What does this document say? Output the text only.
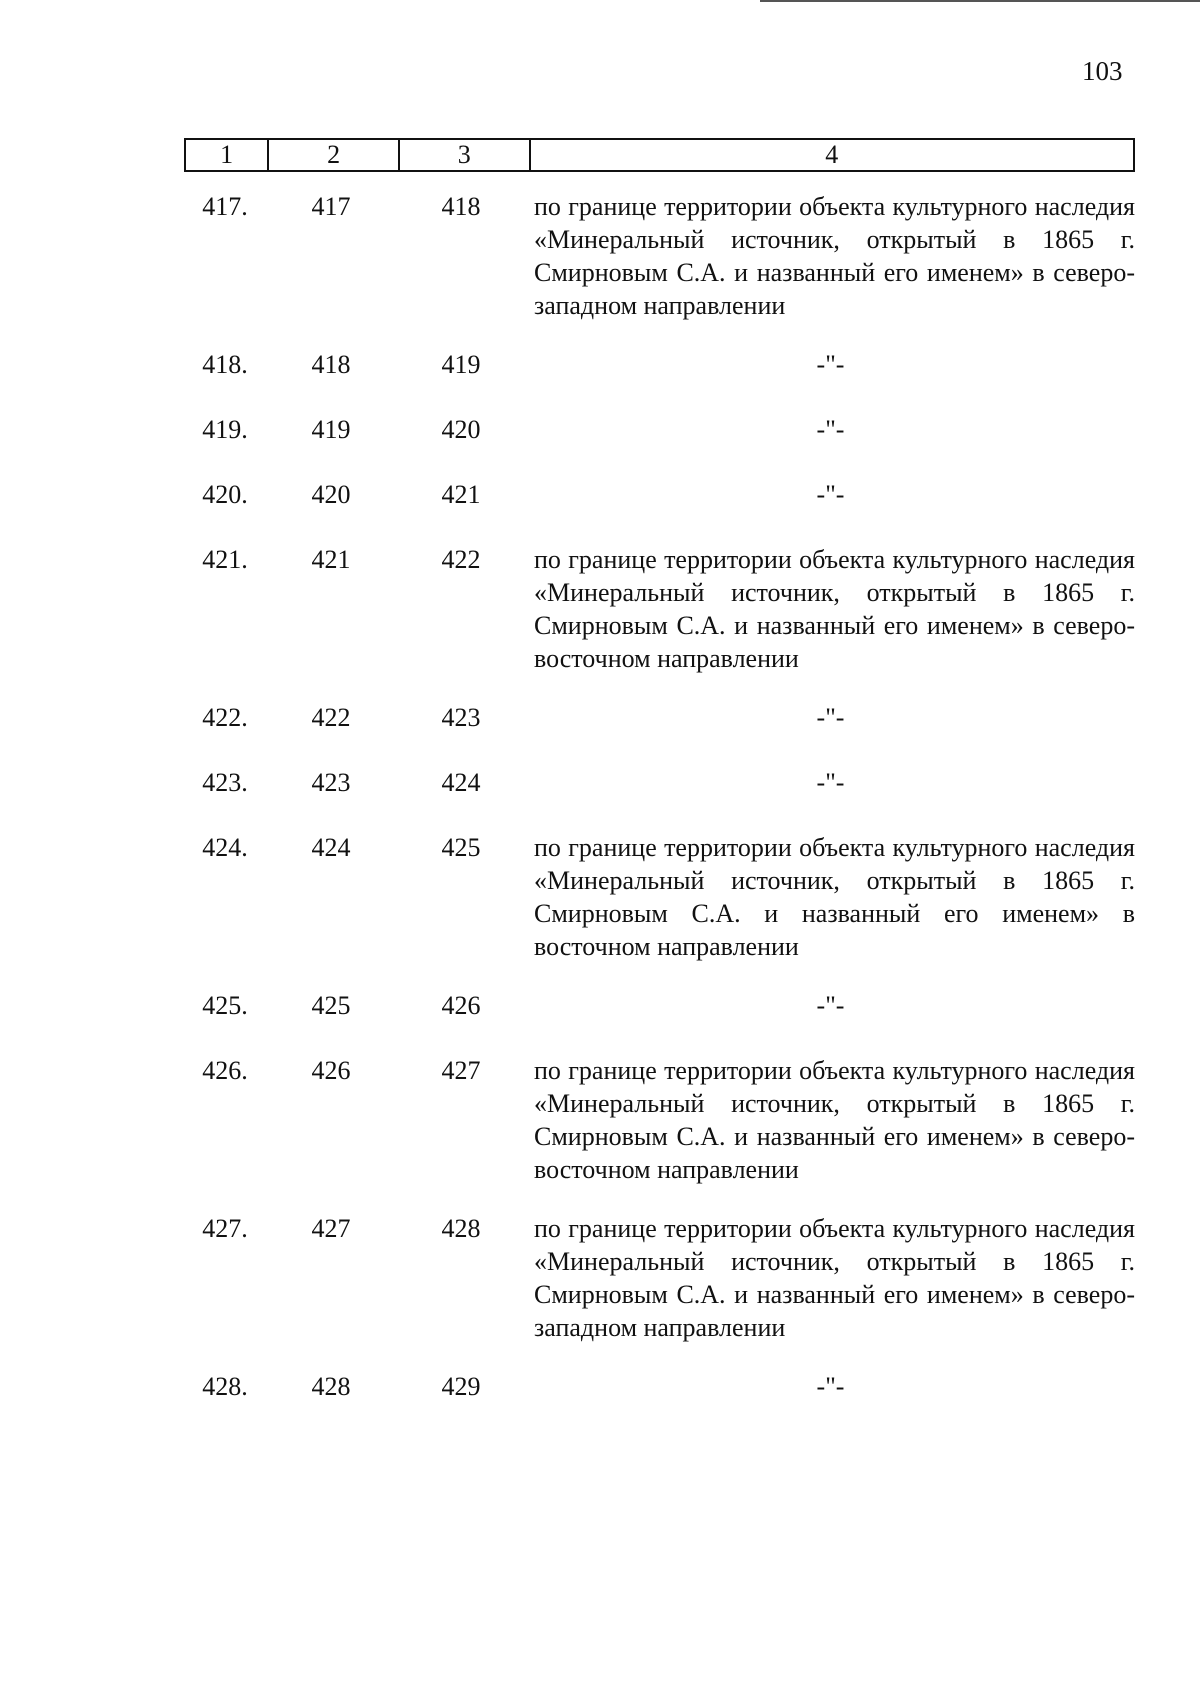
103
1	2	3	4
417.	417	418	по границе территории объекта культурного наследия «Минеральный источник, открытый в 1865 г. Смирновым С.А. и названный его именем» в северо-западном направлении

418.	418	419	-"-

419.	419	420	-"-

420.	420	421	-"-

421.	421	422	по границе территории объекта культурного наследия «Минеральный источник, открытый в 1865 г. Смирновым С.А. и названный его именем» в северо-восточном направлении

422.	422	423	-"-

423.	423	424	-"-

424.	424	425	по границе территории объекта культурного наследия «Минеральный источник, открытый в 1865 г. Смирновым С.А. и названный его именем» в восточном направлении

425.	425	426	-"-

426.	426	427	по границе территории объекта культурного наследия «Минеральный источник, открытый в 1865 г. Смирновым С.А. и названный его именем» в северо-восточном направлении

427.	427	428	по границе территории объекта культурного наследия «Минеральный источник, открытый в 1865 г. Смирновым С.А. и названный его именем» в северо-западном направлении

428.	428	429	-"-
